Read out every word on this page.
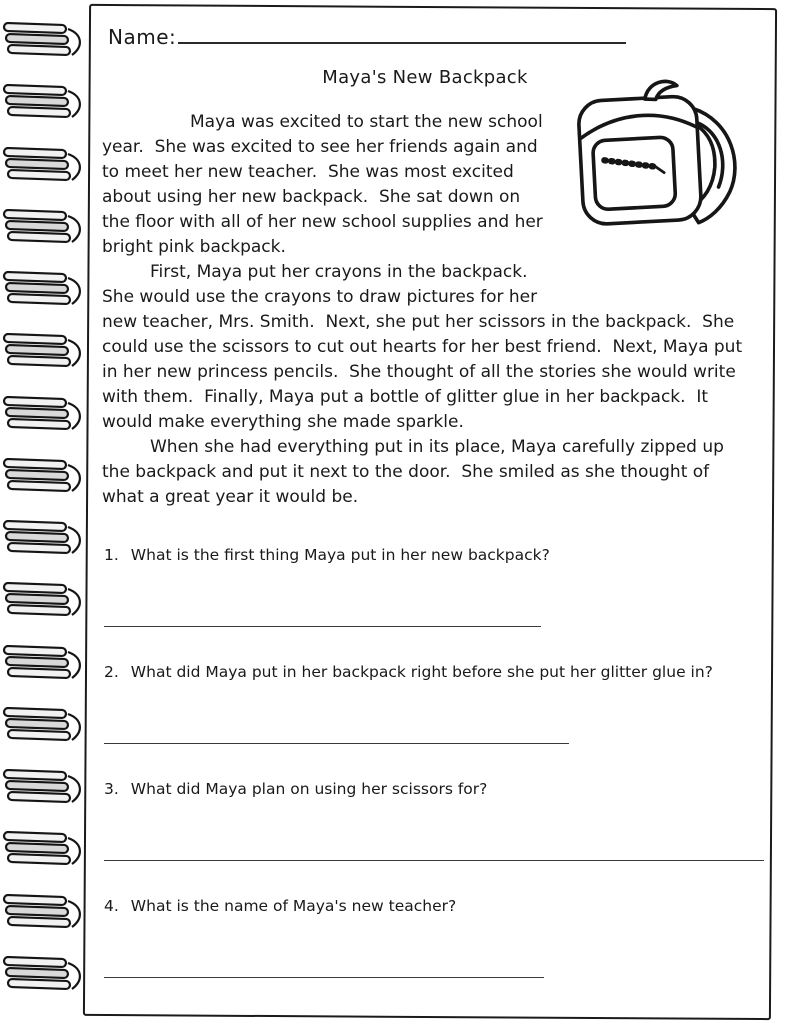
Name:
Maya's New Backpack

Maya was excited to start the new school year.  She was excited to see her friends again and to meet her new teacher.  She was most excited about using her new backpack.  She sat down on the floor with all of her new school supplies and her bright pink backpack.

First, Maya put her crayons in the backpack.  She would use the crayons to draw pictures for her new teacher, Mrs. Smith.  Next, she put her scissors in the backpack.  She could use the scissors to cut out hearts for her best friend.  Next, Maya put in her new princess pencils.  She thought of all the stories she would write with them.  Finally, Maya put a bottle of glitter glue in her backpack.  It would make everything she made sparkle.

When she had everything put in its place, Maya carefully zipped up the backpack and put it next to the door.  She smiled as she thought of what a great year it would be.

1. What is the first thing Maya put in her new backpack?
2. What did Maya put in her backpack right before she put her glitter glue in?
3. What did Maya plan on using her scissors for?
4. What is the name of Maya's new teacher?
